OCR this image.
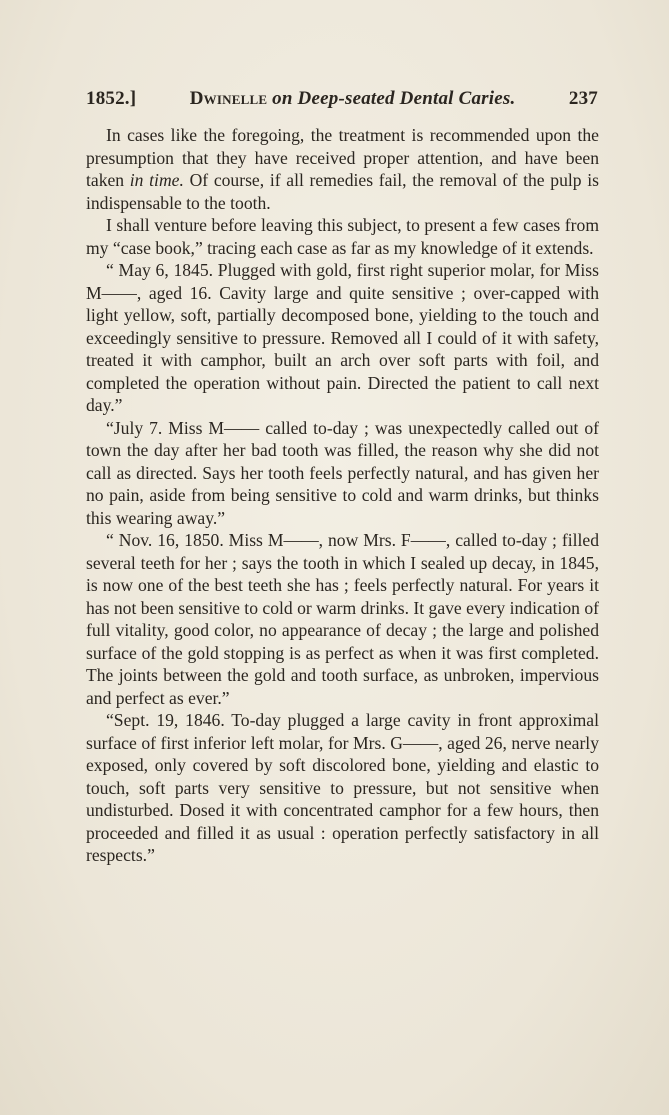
1852.]	Dwinelle on Deep-seated Dental Caries.	237

In cases like the foregoing, the treatment is recommended upon the presumption that they have received proper attention, and have been taken in time. Of course, if all remedies fail, the removal of the pulp is indispensable to the tooth.

I shall venture before leaving this subject, to present a few cases from my “case book,” tracing each case as far as my knowledge of it extends.

“ May 6, 1845. Plugged with gold, first right superior molar, for Miss M——, aged 16. Cavity large and quite sensitive ; over-capped with light yellow, soft, partially decomposed bone, yielding to the touch and exceedingly sensitive to pressure. Removed all I could of it with safety, treated it with camphor, built an arch over soft parts with foil, and completed the operation without pain. Directed the patient to call next day.”

“July 7. Miss M—— called to-day ; was unexpectedly called out of town the day after her bad tooth was filled, the reason why she did not call as directed. Says her tooth feels perfectly natural, and has given her no pain, aside from being sensitive to cold and warm drinks, but thinks this wearing away.”

“ Nov. 16, 1850. Miss M——, now Mrs. F——, called to-day ; filled several teeth for her ; says the tooth in which I sealed up decay, in 1845, is now one of the best teeth she has ; feels perfectly natural. For years it has not been sensitive to cold or warm drinks. It gave every indication of full vitality, good color, no appearance of decay ; the large and polished surface of the gold stopping is as perfect as when it was first completed. The joints between the gold and tooth surface, as unbroken, impervious and perfect as ever.”

“Sept. 19, 1846. To-day plugged a large cavity in front approximal surface of first inferior left molar, for Mrs. G——, aged 26, nerve nearly exposed, only covered by soft discolored bone, yielding and elastic to touch, soft parts very sensitive to pressure, but not sensitive when undisturbed. Dosed it with concentrated camphor for a few hours, then proceeded and filled it as usual : operation perfectly satisfactory in all respects.”
